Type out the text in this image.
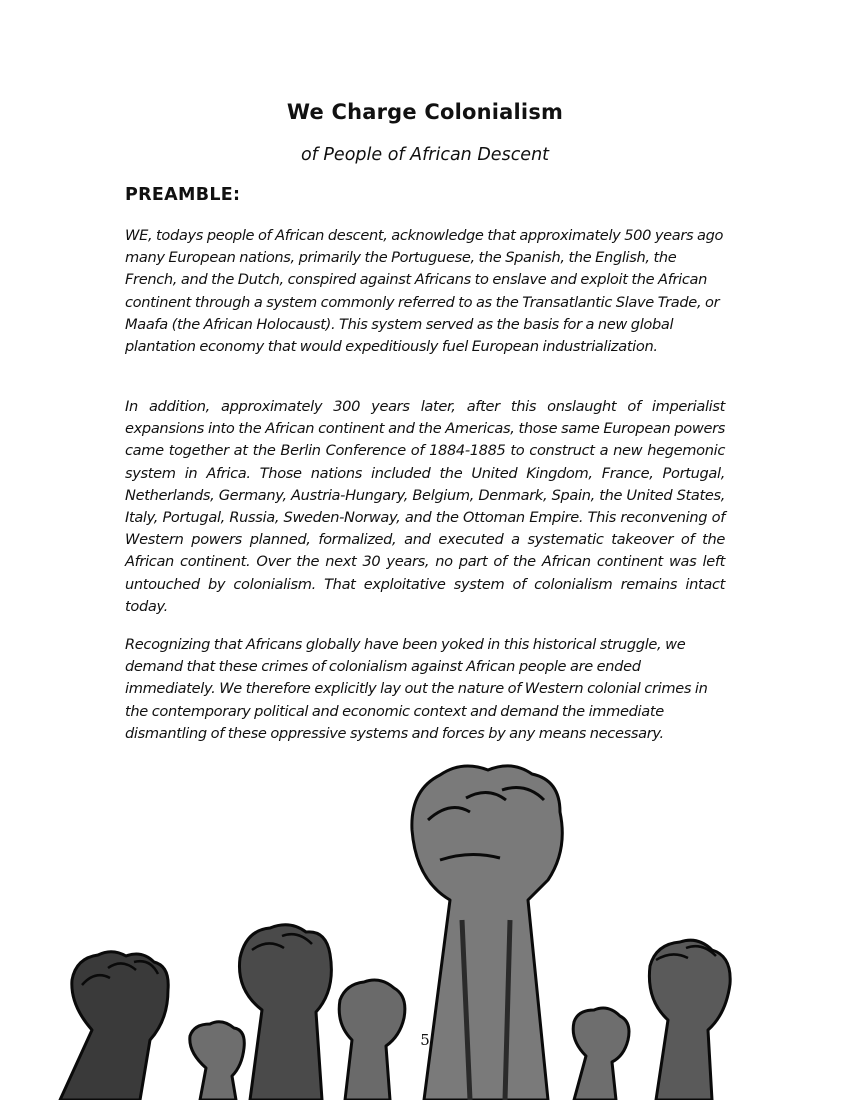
We Charge Colonialism
of People of African Descent
PREAMBLE:

WE, todays people of African descent, acknowledge that approximately 500 years ago many European nations, primarily the Portuguese, the Spanish, the English, the French, and the Dutch, conspired against Africans to enslave and exploit the African continent through a system commonly referred to as the Transatlantic Slave Trade, or Maafa (the African Holocaust). This system served as the basis for a new global plantation economy that would expeditiously fuel European industrialization.

In addition, approximately 300 years later, after this onslaught of imperialist expansions into the African continent and the Americas, those same European powers came together at the Berlin Conference of 1884-1885 to construct a new hegemonic system in Africa. Those nations included the United Kingdom, France, Portugal, Netherlands, Germany, Austria-Hungary, Belgium, Denmark, Spain, the United States, Italy, Portugal, Russia, Sweden-Norway, and the Ottoman Empire. This reconvening of Western powers planned, formalized, and executed a systematic takeover of the African continent. Over the next 30 years, no part of the African continent was left untouched by colonialism. That exploitative system of colonialism remains intact today.

Recognizing that Africans globally have been yoked in this historical struggle, we demand that these crimes of colonialism against African people are ended immediately. We therefore explicitly lay out the nature of Western colonial crimes in the contemporary political and economic context and demand the immediate dismantling of these oppressive systems and forces by any means necessary.

5
